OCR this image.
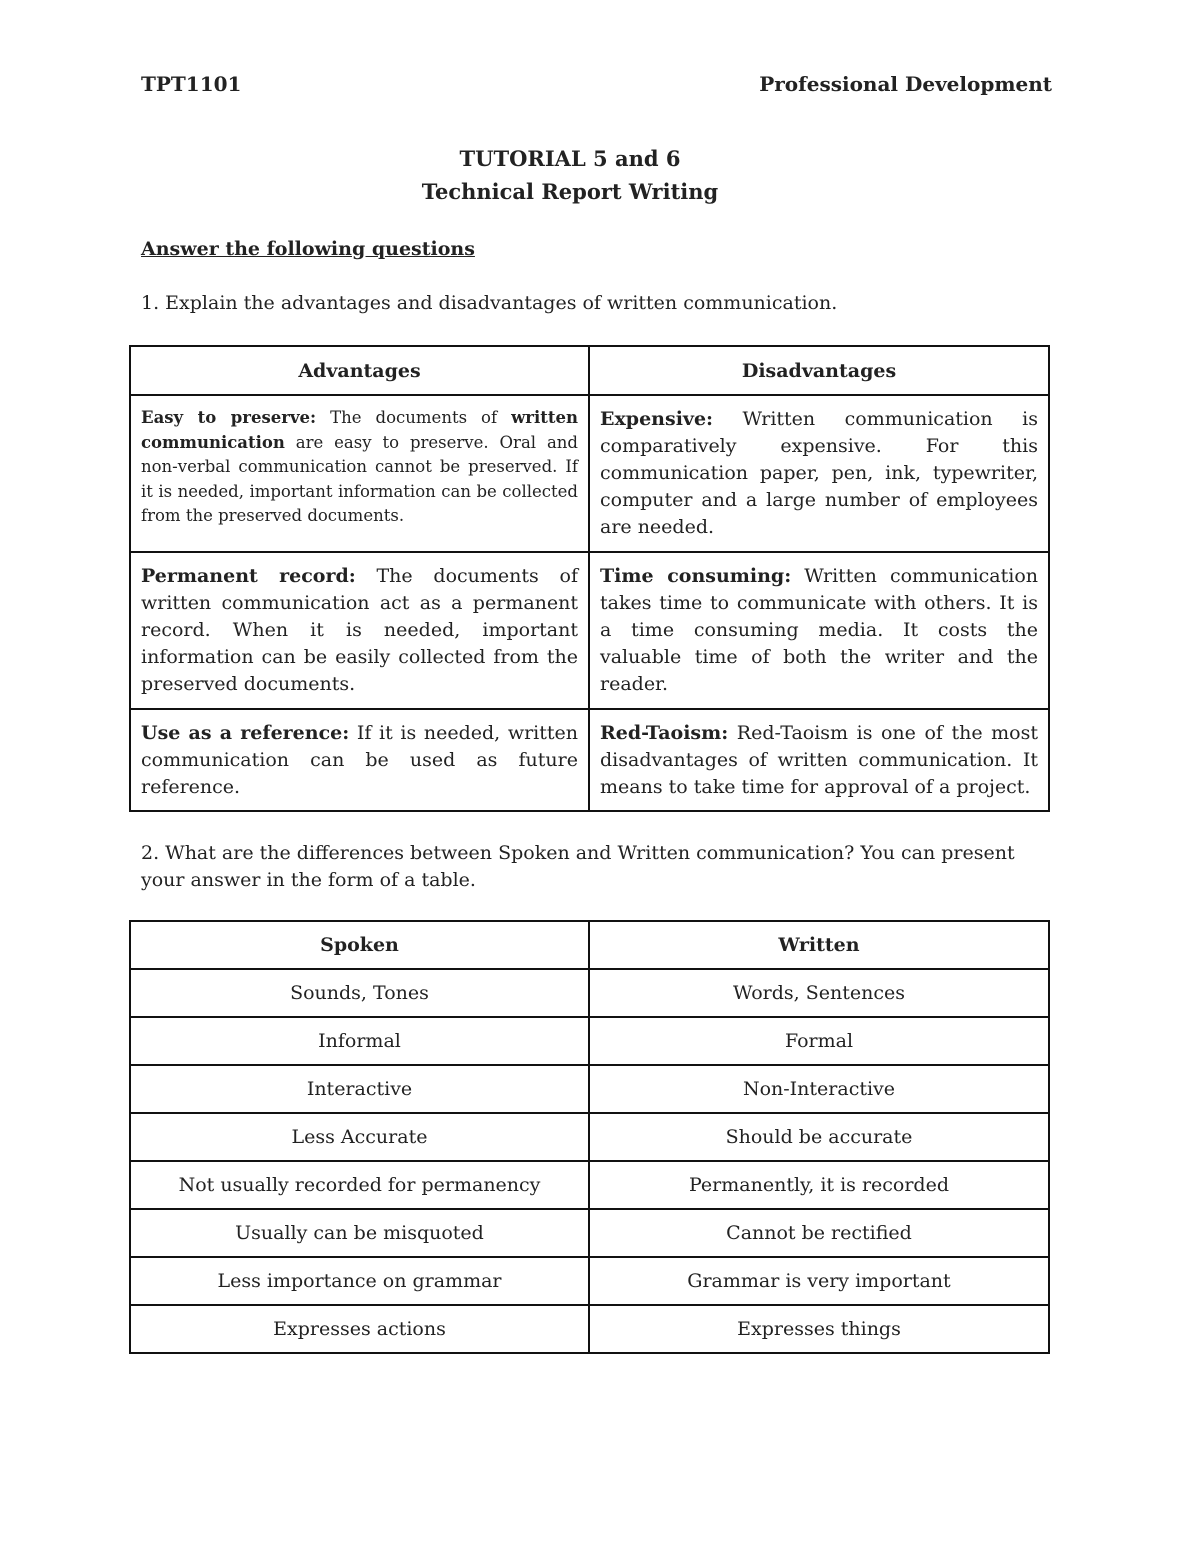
TPT1101	Professional Development
TUTORIAL 5 and 6
Technical Report Writing
Answer the following questions
1. Explain the advantages and disadvantages of written communication.
Advantages	Disadvantages
Easy to preserve: The documents of written communication are easy to preserve. Oral and non-verbal communication cannot be preserved. If it is needed, important information can be collected from the preserved documents.	Expensive: Written communication is comparatively expensive. For this communication paper, pen, ink, typewriter, computer and a large number of employees are needed.
Permanent record: The documents of written communication act as a permanent record. When it is needed, important information can be easily collected from the preserved documents.	Time consuming: Written communication takes time to communicate with others. It is a time consuming media. It costs the valuable time of both the writer and the reader.
Use as a reference: If it is needed, written communication can be used as future reference.	Red-Taoism: Red-Taoism is one of the most disadvantages of written communication. It means to take time for approval of a project.
2. What are the differences between Spoken and Written communication? You can present your answer in the form of a table.
Spoken	Written
Sounds, Tones	Words, Sentences
Informal	Formal
Interactive	Non-Interactive
Less Accurate	Should be accurate
Not usually recorded for permanency	Permanently, it is recorded
Usually can be misquoted	Cannot be rectified
Less importance on grammar	Grammar is very important
Expresses actions	Expresses things
